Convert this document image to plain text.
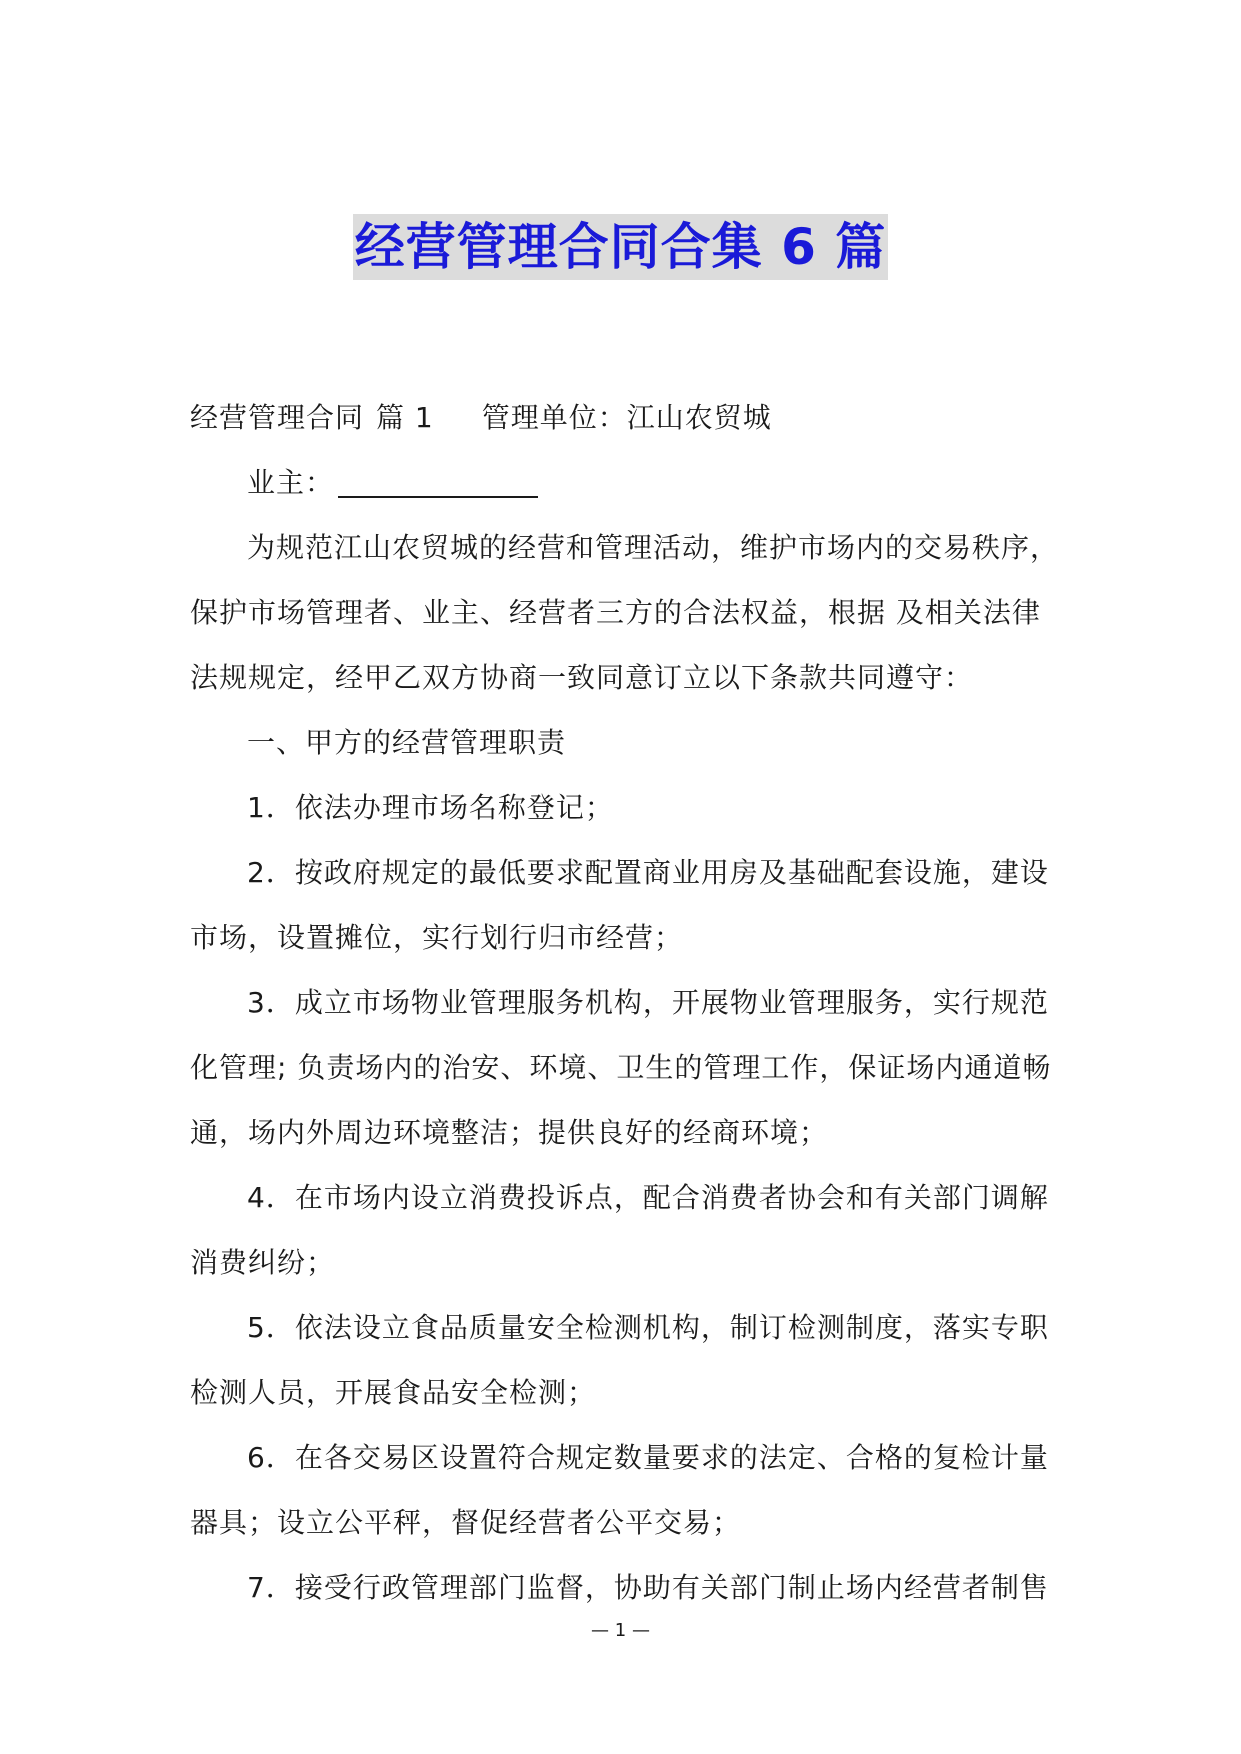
经营管理合同合集 6 篇
经营管理合同 篇 1 管理单位：江山农贸城
业主：
为规范江山农贸城的经营和管理活动，维护市场内的交易秩序，
保护市场管理者、业主、经营者三方的合法权益，根据 及相关法律
法规规定，经甲乙双方协商一致同意订立以下条款共同遵守：
一、甲方的经营管理职责
1．依法办理市场名称登记；
2．按政府规定的最低要求配置商业用房及基础配套设施，建设
市场，设置摊位，实行划行归市经营；
3．成立市场物业管理服务机构，开展物业管理服务，实行规范
化管理; 负责场内的治安、环境、卫生的管理工作，保证场内通道畅
通，场内外周边环境整洁；提供良好的经商环境；
4．在市场内设立消费投诉点，配合消费者协会和有关部门调解
消费纠纷；
5．依法设立食品质量安全检测机构，制订检测制度，落实专职
检测人员，开展食品安全检测；
6．在各交易区设置符合规定数量要求的法定、合格的复检计量
器具；设立公平秤，督促经营者公平交易；
7．接受行政管理部门监督，协助有关部门制止场内经营者制售
— 1 —
